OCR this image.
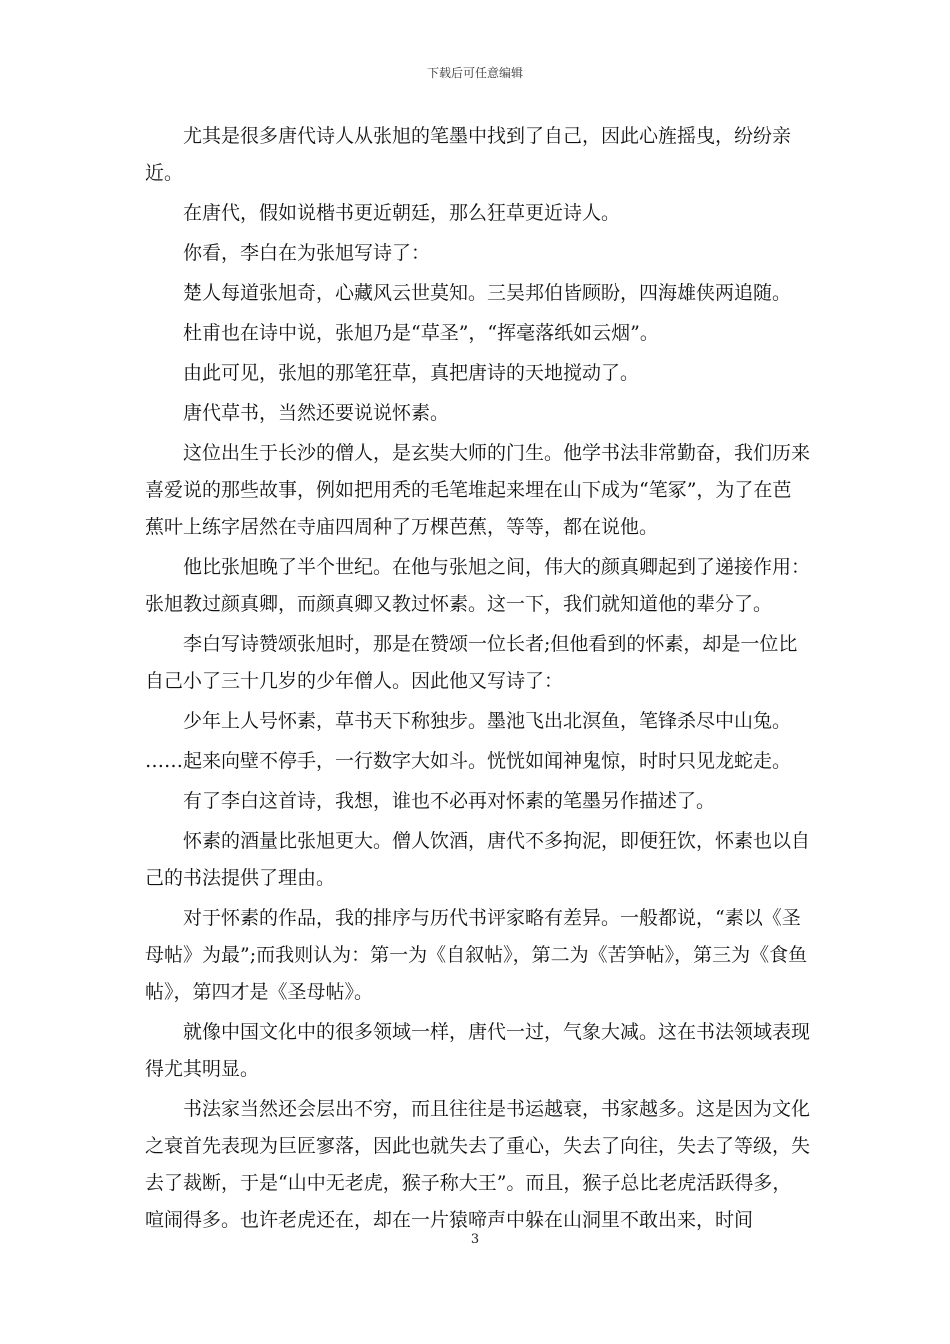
下载后可任意编辑

尤其是很多唐代诗人从张旭的笔墨中找到了自己，因此心旌摇曳，纷纷亲近。

在唐代，假如说楷书更近朝廷，那么狂草更近诗人。

你看，李白在为张旭写诗了：

楚人每道张旭奇，心藏风云世莫知。三吴邦伯皆顾盼，四海雄侠两追随。

杜甫也在诗中说，张旭乃是“草圣”，“挥毫落纸如云烟”。

由此可见，张旭的那笔狂草，真把唐诗的天地搅动了。

唐代草书，当然还要说说怀素。

这位出生于长沙的僧人，是玄奘大师的门生。他学书法非常勤奋，我们历来喜爱说的那些故事，例如把用秃的毛笔堆起来埋在山下成为“笔冢”，为了在芭蕉叶上练字居然在寺庙四周种了万棵芭蕉，等等，都在说他。

他比张旭晚了半个世纪。在他与张旭之间，伟大的颜真卿起到了递接作用：张旭教过颜真卿，而颜真卿又教过怀素。这一下，我们就知道他的辈分了。

李白写诗赞颂张旭时，那是在赞颂一位长者;但他看到的怀素，却是一位比自己小了三十几岁的少年僧人。因此他又写诗了：

少年上人号怀素，草书天下称独步。墨池飞出北溟鱼，笔锋杀尽中山兔。

……起来向壁不停手，一行数字大如斗。恍恍如闻神鬼惊，时时只见龙蛇走。

有了李白这首诗，我想，谁也不必再对怀素的笔墨另作描述了。

怀素的酒量比张旭更大。僧人饮酒，唐代不多拘泥，即便狂饮，怀素也以自己的书法提供了理由。

对于怀素的作品，我的排序与历代书评家略有差异。一般都说，“素以《圣母帖》为最”;而我则认为：第一为《自叙帖》，第二为《苦笋帖》，第三为《食鱼帖》，第四才是《圣母帖》。

就像中国文化中的很多领域一样，唐代一过，气象大减。这在书法领域表现得尤其明显。

书法家当然还会层出不穷，而且往往是书运越衰，书家越多。这是因为文化之衰首先表现为巨匠寥落，因此也就失去了重心，失去了向往，失去了等级，失去了裁断，于是“山中无老虎，猴子称大王”。而且，猴子总比老虎活跃得多，喧闹得多。也许老虎还在，却在一片猿啼声中躲在山洞里不敢出来，时间

3
